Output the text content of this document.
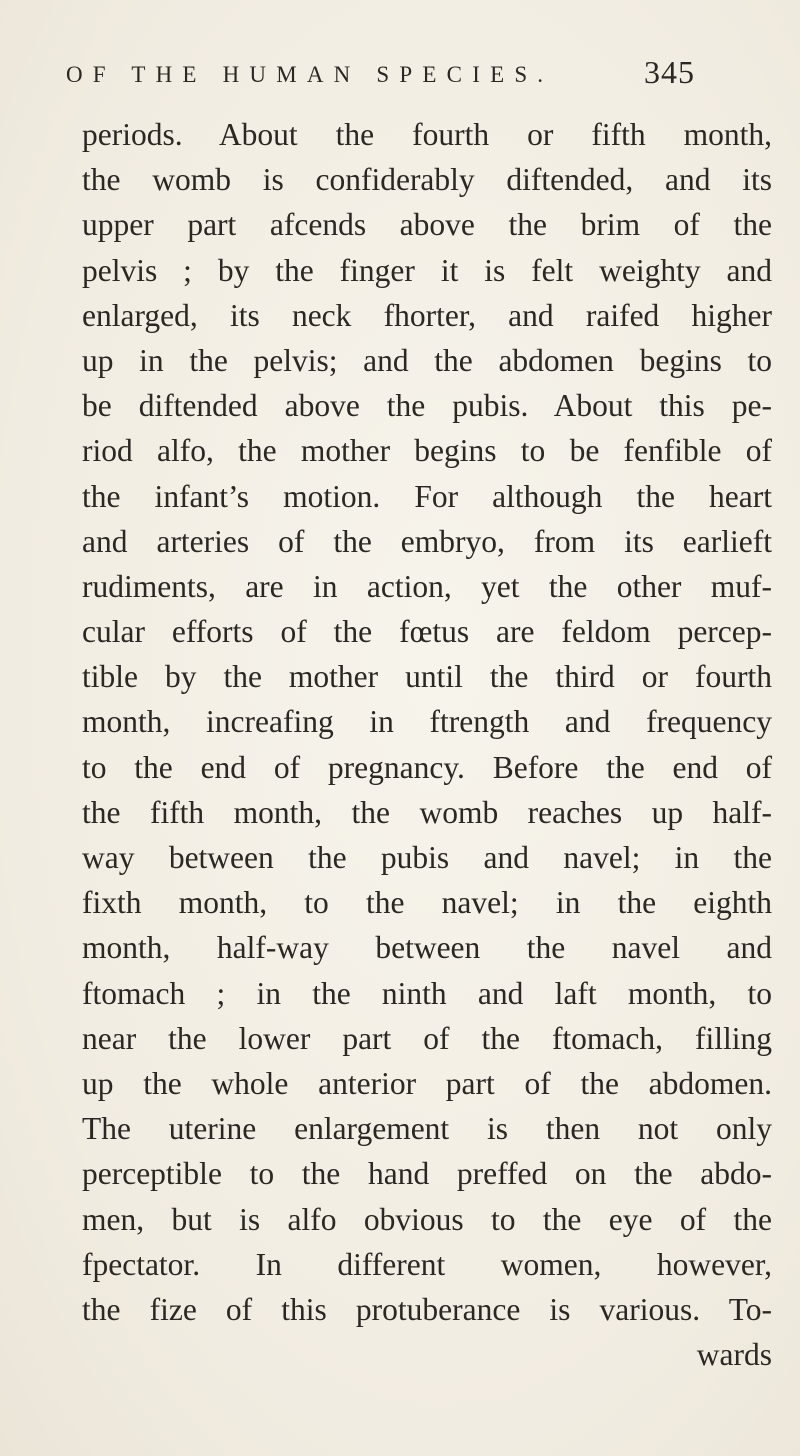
OF THE HUMAN SPECIES.	345
periods. About the fourth or fifth month,
the womb is confiderably diftended, and its
upper part afcends above the brim of the
pelvis ; by the finger it is felt weighty and
enlarged, its neck fhorter, and raifed higher
up in the pelvis; and the abdomen begins to
be diftended above the pubis. About this pe-
riod alfo, the mother begins to be fenfible of
the infant’s motion. For although the heart
and arteries of the embryo, from its earlieft
rudiments, are in action, yet the other muf-
cular efforts of the fœtus are feldom percep-
tible by the mother until the third or fourth
month, increafing in ftrength and frequency
to the end of pregnancy. Before the end of
the fifth month, the womb reaches up half-
way between the pubis and navel; in the
fixth month, to the navel; in the eighth
month, half-way between the navel and
ftomach ; in the ninth and laft month, to
near the lower part of the ftomach, filling
up the whole anterior part of the abdomen.
The uterine enlargement is then not only
perceptible to the hand preffed on the abdo-
men, but is alfo obvious to the eye of the
fpectator. In different women, however,
the fize of this protuberance is various. To-
wards
